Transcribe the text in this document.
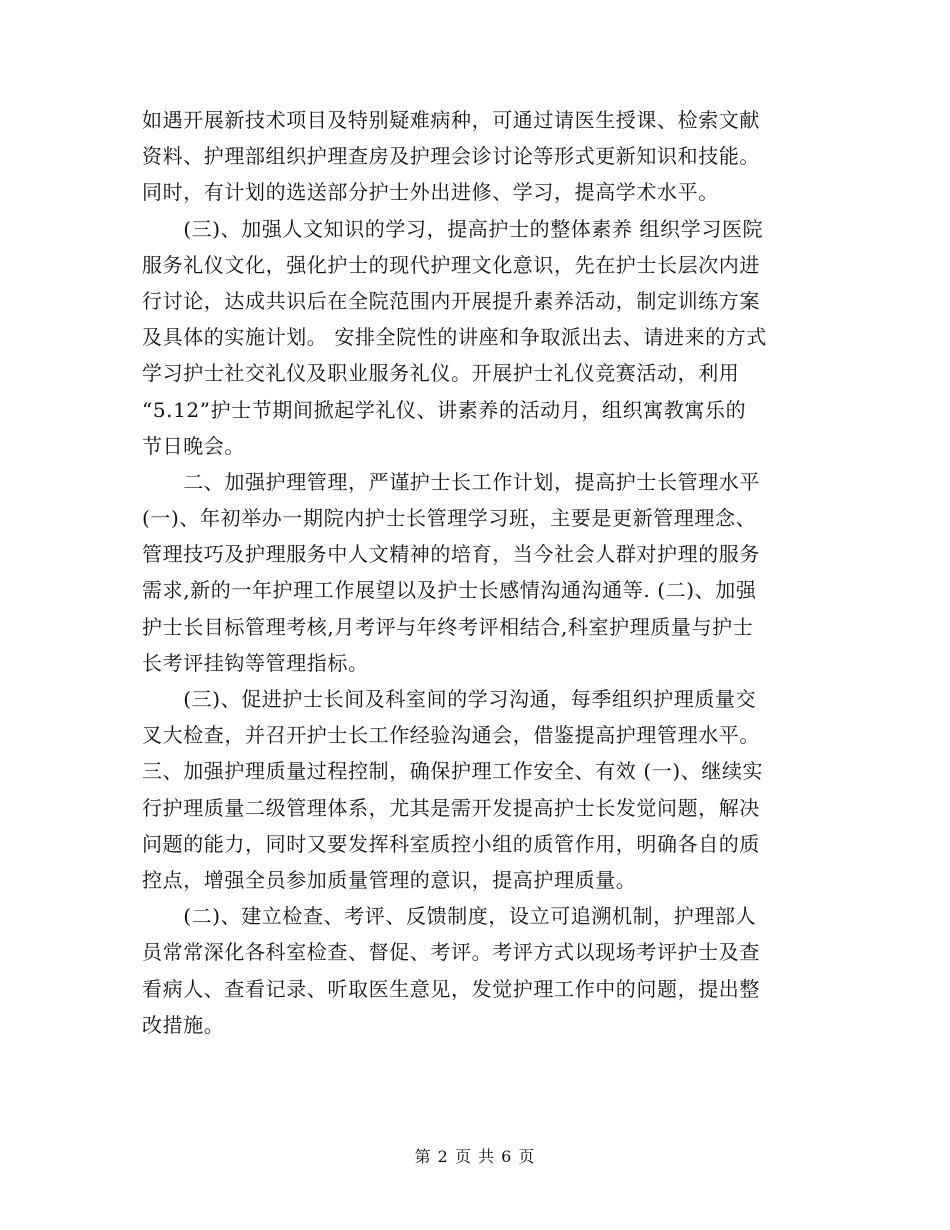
如遇开展新技术项目及特别疑难病种，可通过请医生授课、检索文献
资料、护理部组织护理查房及护理会诊讨论等形式更新知识和技能。
同时，有计划的选送部分护士外出进修、学习，提高学术水平。
　　(三)、加强人文知识的学习，提高护士的整体素养 组织学习医院
服务礼仪文化，强化护士的现代护理文化意识，先在护士长层次内进
行讨论，达成共识后在全院范围内开展提升素养活动，制定训练方案
及具体的实施计划。 安排全院性的讲座和争取派出去、请进来的方式
学习护士社交礼仪及职业服务礼仪。开展护士礼仪竞赛活动，利用
“5.12”护士节期间掀起学礼仪、讲素养的活动月，组织寓教寓乐的
节日晚会。
　　二、加强护理管理，严谨护士长工作计划，提高护士长管理水平
(一)、年初举办一期院内护士长管理学习班，主要是更新管理理念、
管理技巧及护理服务中人文精神的培育，当今社会人群对护理的服务
需求,新的一年护理工作展望以及护士长感情沟通沟通等. (二)、加强
护士长目标管理考核,月考评与年终考评相结合,科室护理质量与护士
长考评挂钩等管理指标。
　　(三)、促进护士长间及科室间的学习沟通，每季组织护理质量交
叉大检查，并召开护士长工作经验沟通会，借鉴提高护理管理水平。
三、加强护理质量过程控制，确保护理工作安全、有效 (一)、继续实
行护理质量二级管理体系，尤其是需开发提高护士长发觉问题，解决
问题的能力，同时又要发挥科室质控小组的质管作用，明确各自的质
控点，增强全员参加质量管理的意识，提高护理质量。
　　(二)、建立检查、考评、反馈制度，设立可追溯机制，护理部人
员常常深化各科室检查、督促、考评。考评方式以现场考评护士及查
看病人、查看记录、听取医生意见，发觉护理工作中的问题，提出整
改措施。
第 2 页 共 6 页
